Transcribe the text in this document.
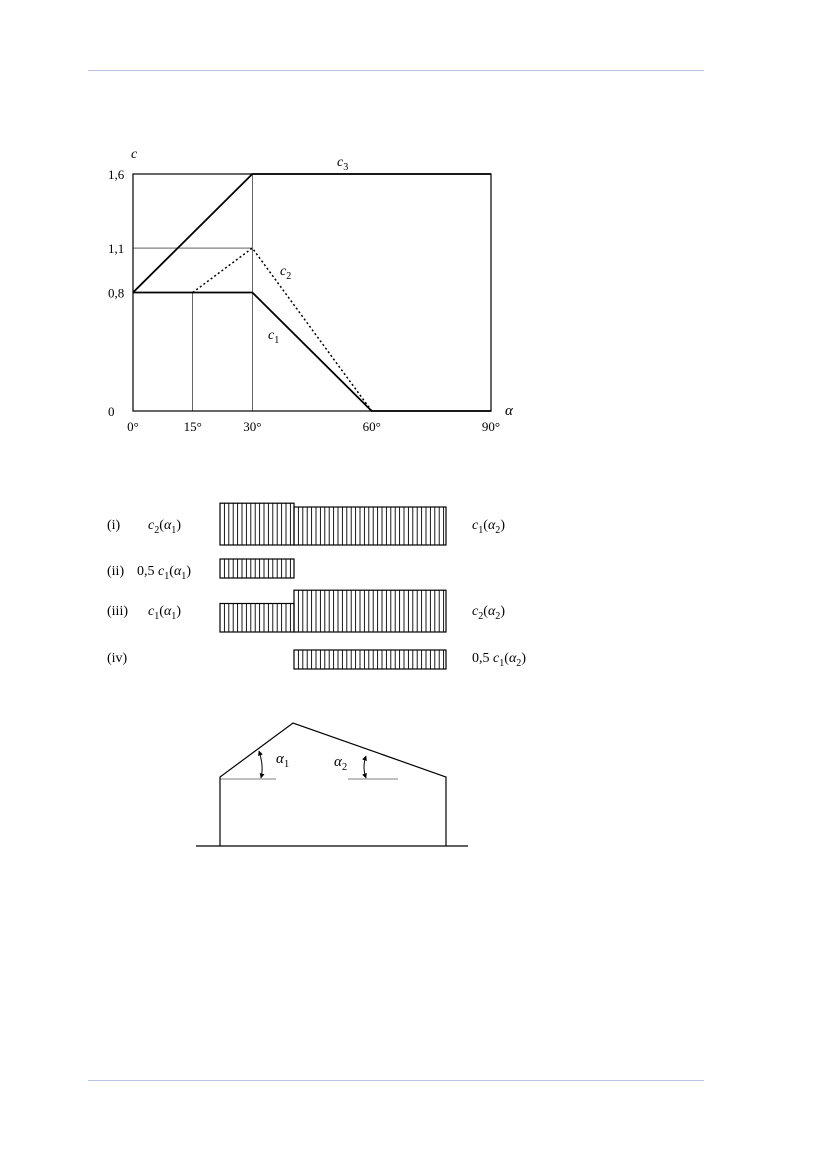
$c_3$
$c_2$
$c_1$
0
0,8
1,1
1,6
0°	15°	30°	60°	90°
c
α
(i) $c_2(\alpha_1)$	$c_1(\alpha_2)$
(ii) 0,5 $c_1(\alpha_1)$
(iii) $c_1(\alpha_1)$	$c_2(\alpha_2)$
(iv)	0,5 $c_1(\alpha_2)$
$\alpha_1$	$\alpha_2$
